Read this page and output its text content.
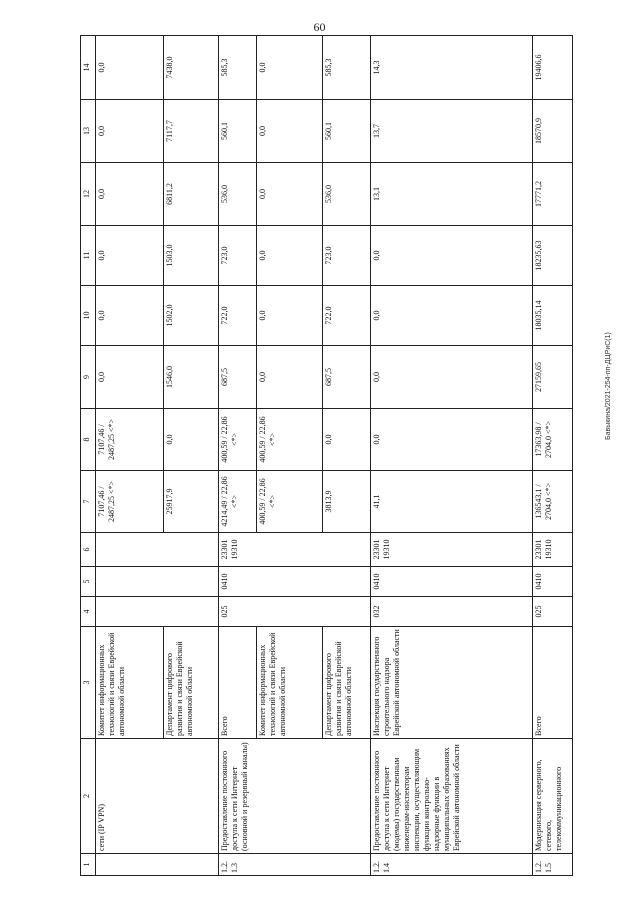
60
Бавыкина/2021-254-пп-ДЦРиС(1)
1	2	3	4	5	6	7	8	9	10	11	12	13	14
	сети (IP VPN)	Комитет информационных технологий и связи Еврейской автономной области				7107,46 / 2487,25 <*>	7107,46 / 2487,25 <*>	0,0	0,0	0,0	0,0	0,0	0,0
		Департамент цифрового развития и связи Еврейской автономной области				25917,9	0,0	1546,0	1502,0	1503,0	6811,2	7117,7	7438,0
1.2. 1.3	Предоставление постоянного доступа к сети Интернет (основной и резервный каналы)	Всего	025	0410	23301 19310	4214,49 / 22,86 <*>	400,59 / 22,86 <*>	687,5	722,0	723,0	536,0	560,1	585,3
		Комитет информационных технологий и связи Еврейской автономной области				400,59 / 22,86 <*>	400,59 / 22,86 <*>	0,0	0,0	0,0	0,0	0,0	0,0
		Департамент цифрового развития и связи Еврейской автономной области				3813,9	0,0	687,5	722,0	723,0	536,0	560,1	585,3
1.2. 1.4	Предоставление постоянного доступа к сети Интернет (модемы) государственным инженерам-инспекторам инспекции, осуществляющим функции контрольно-надзорные функции в муниципальных образованиях Еврейской автономной области	Инспекция государственного строительного надзора Еврейской автономной области	032	0410	23301 19310	41,1	0,0	0,0	0,0	0,0	13,1	13,7	14,3
1.2. 1.5	Модернизация серверного, сетевого, телекоммуникационного	Всего	025	0410	23301 19310	136543,1 / 2704,0 <*>	17363,98 / 2704,0 <*>	27159,65	18035,14	18235,63	17771,2	18570,9	19406,6
